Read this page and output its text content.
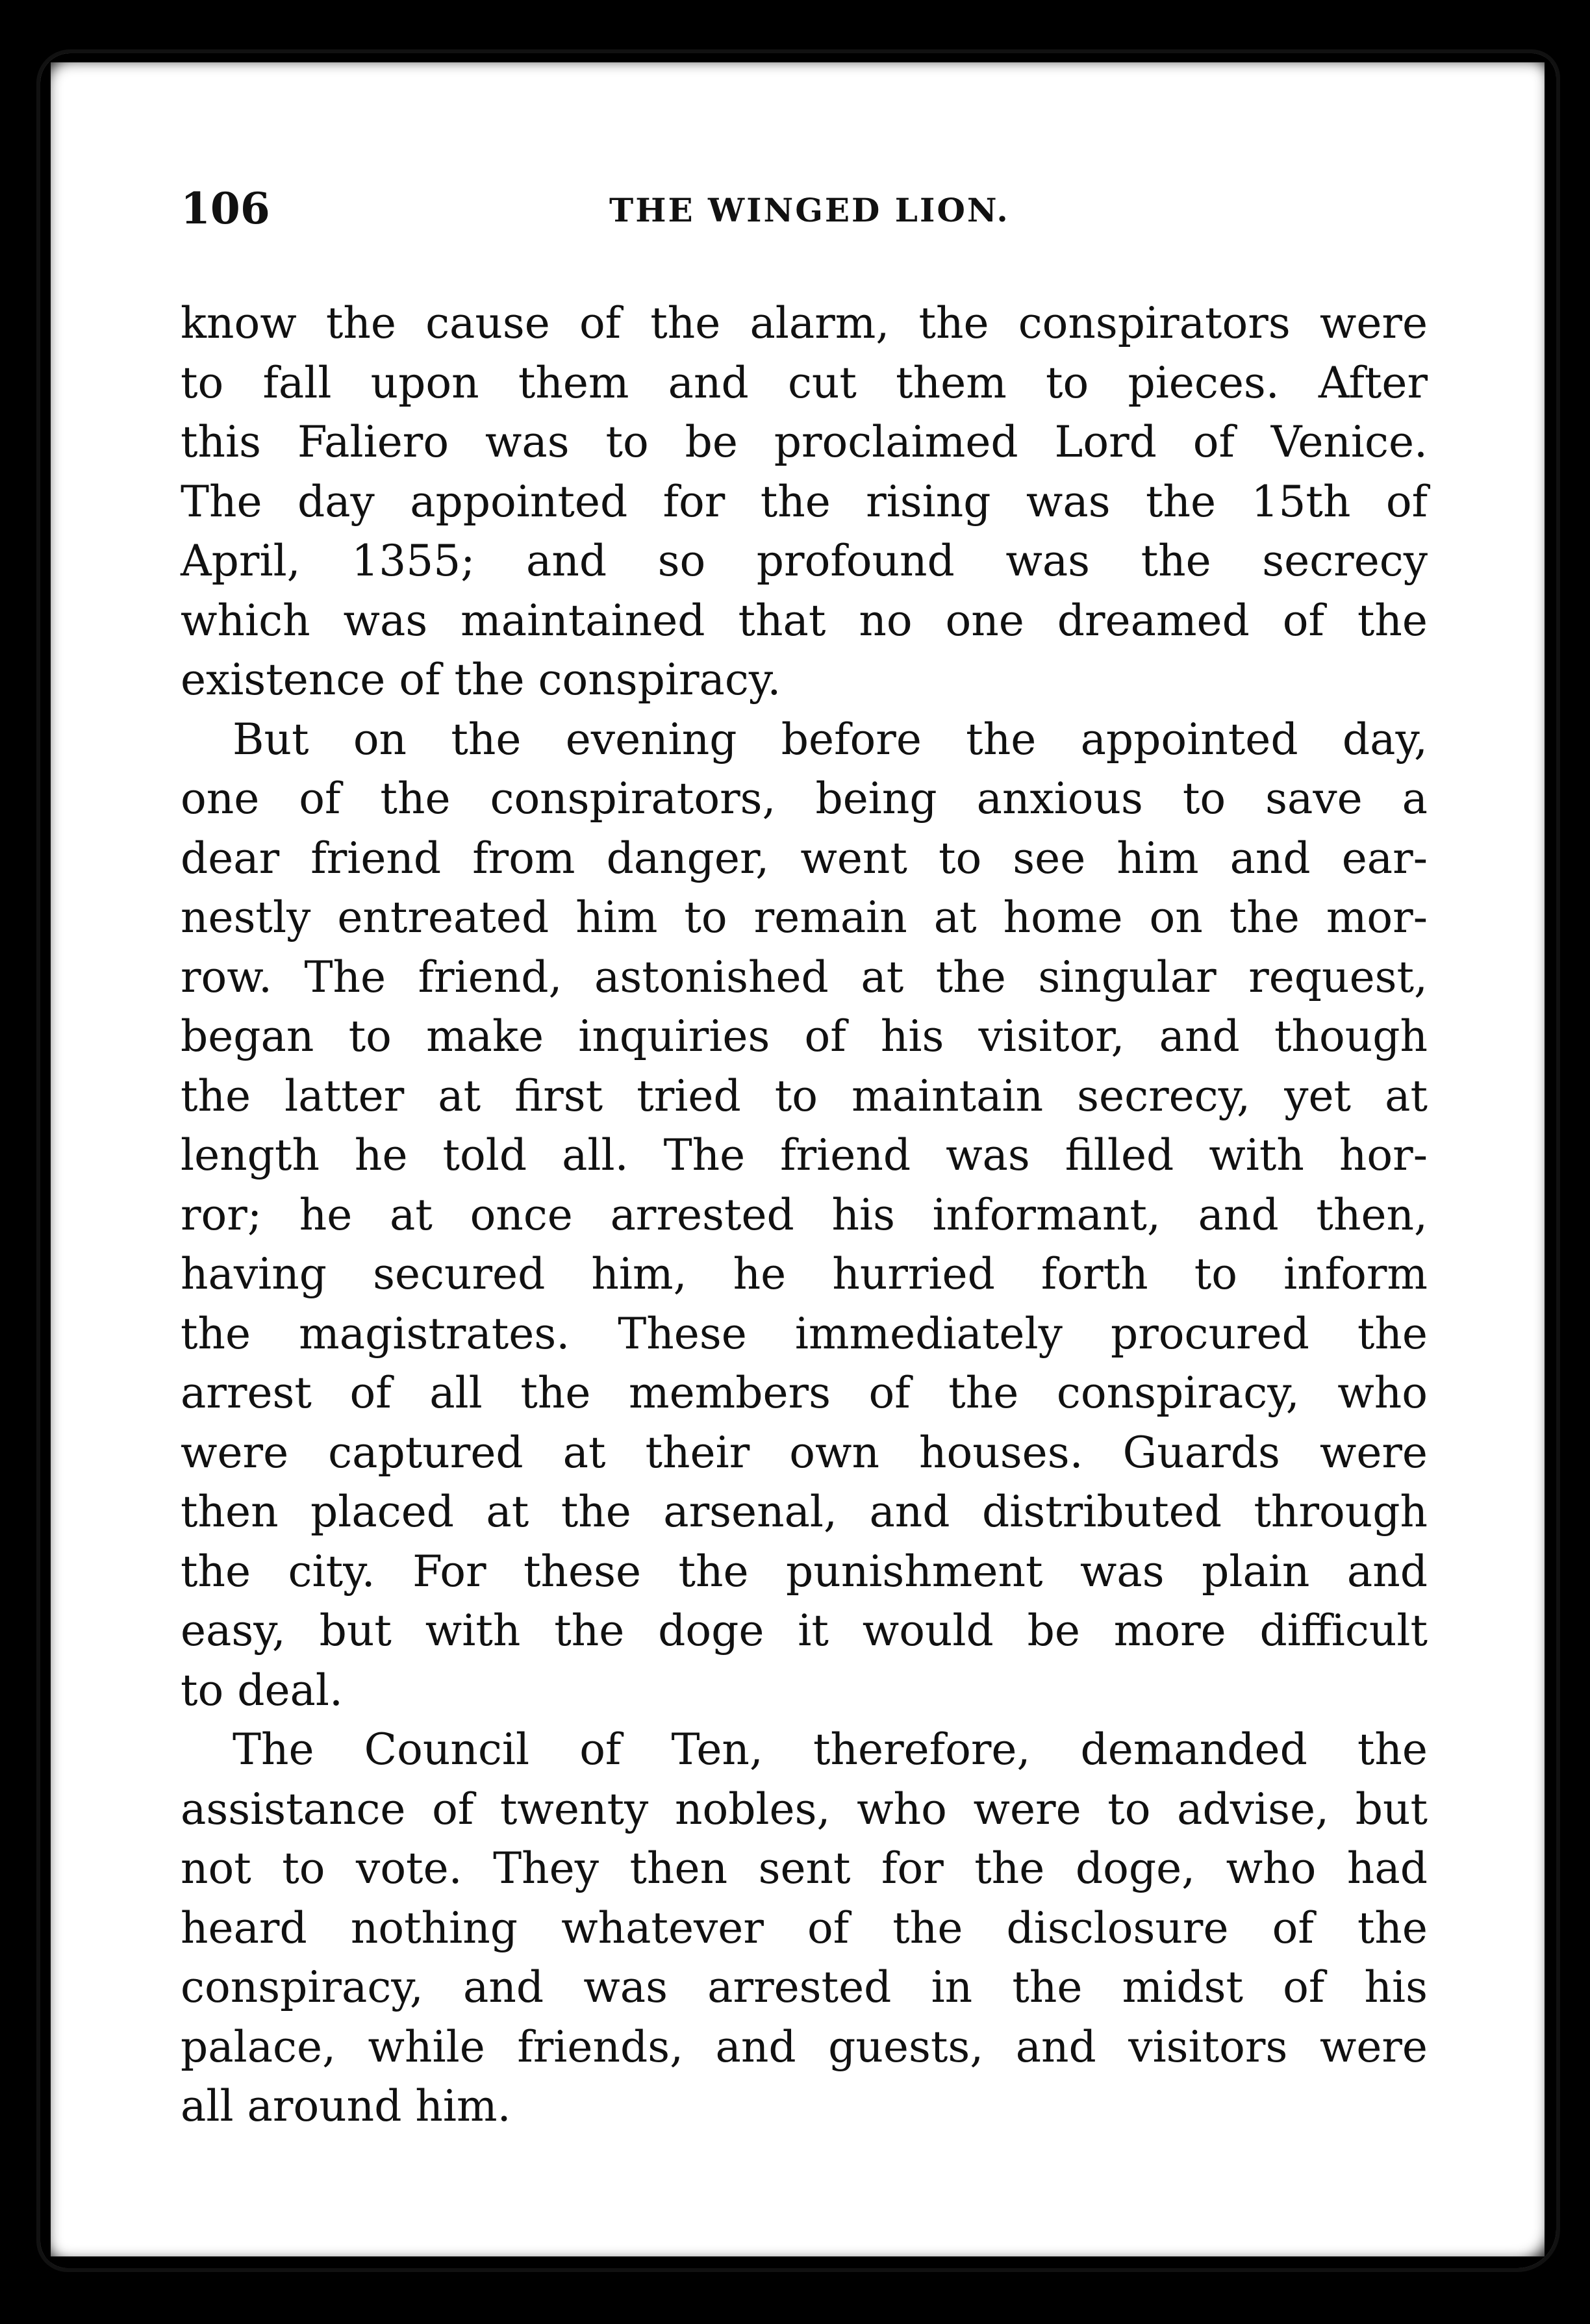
106	THE WINGED LION.
know the cause of the alarm, the conspirators were
to fall upon them and cut them to pieces. After
this Faliero was to be proclaimed Lord of Venice.
The day appointed for the rising was the 15th of
April, 1355; and so profound was the secrecy
which was maintained that no one dreamed of the
existence of the conspiracy.
But on the evening before the appointed day,
one of the conspirators, being anxious to save a
dear friend from danger, went to see him and ear-
nestly entreated him to remain at home on the mor-
row. The friend, astonished at the singular request,
began to make inquiries of his visitor, and though
the latter at first tried to maintain secrecy, yet at
length he told all. The friend was filled with hor-
ror; he at once arrested his informant, and then,
having secured him, he hurried forth to inform
the magistrates. These immediately procured the
arrest of all the members of the conspiracy, who
were captured at their own houses. Guards were
then placed at the arsenal, and distributed through
the city. For these the punishment was plain and
easy, but with the doge it would be more difficult
to deal.
The Council of Ten, therefore, demanded the
assistance of twenty nobles, who were to advise, but
not to vote. They then sent for the doge, who had
heard nothing whatever of the disclosure of the
conspiracy, and was arrested in the midst of his
palace, while friends, and guests, and visitors were
all around him.
